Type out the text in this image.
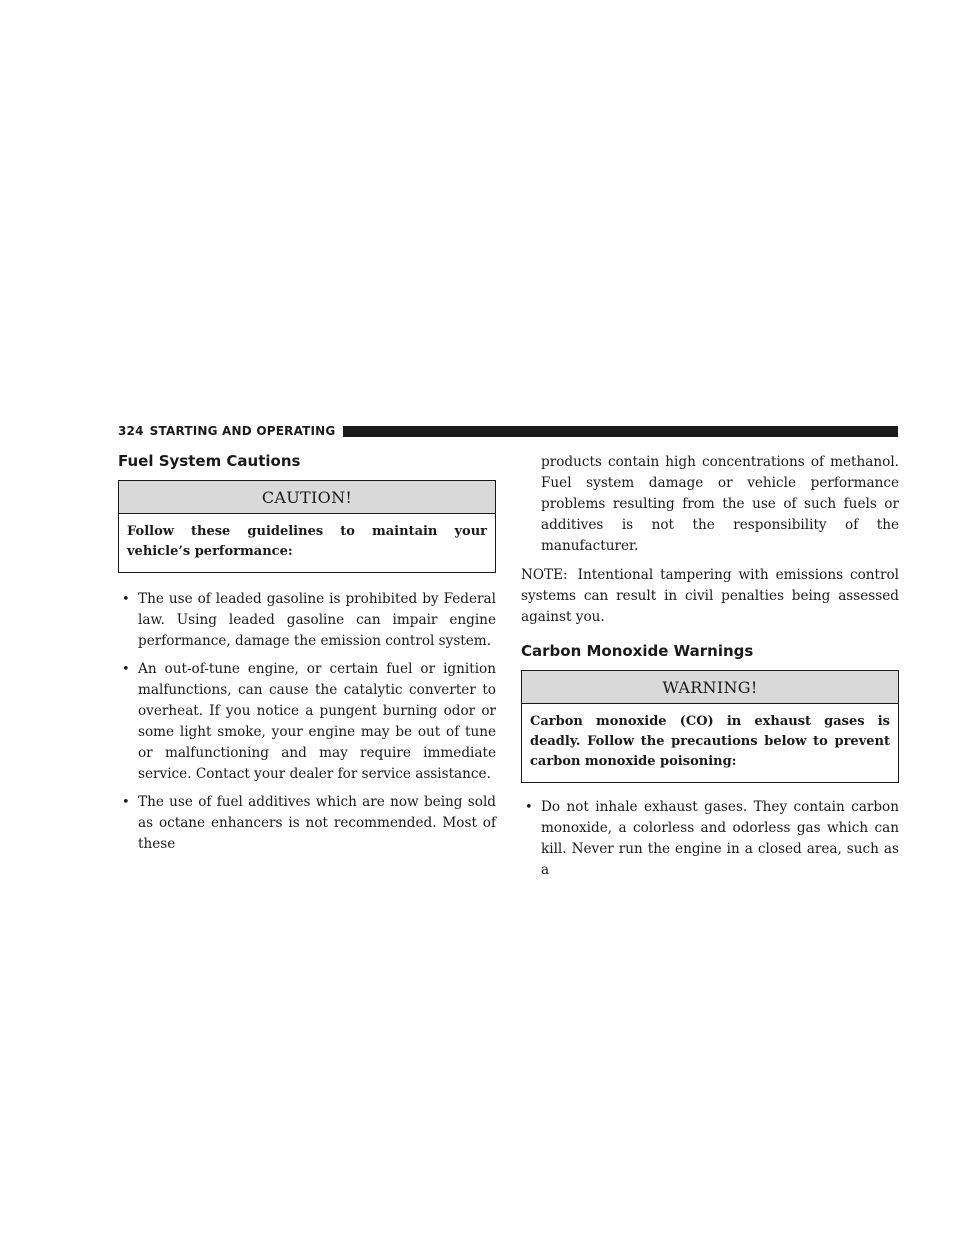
324 STARTING AND OPERATING
Fuel System Cautions
CAUTION!
Follow these guidelines to maintain your vehicle’s performance:
• The use of leaded gasoline is prohibited by Federal law. Using leaded gasoline can impair engine performance, damage the emission control system.
• An out-of-tune engine, or certain fuel or ignition malfunctions, can cause the catalytic converter to overheat. If you notice a pungent burning odor or some light smoke, your engine may be out of tune or malfunctioning and may require immediate service. Contact your dealer for service assistance.
• The use of fuel additives which are now being sold as octane enhancers is not recommended. Most of these

products contain high concentrations of methanol. Fuel system damage or vehicle performance problems resulting from the use of such fuels or additives is not the responsibility of the manufacturer.

NOTE: Intentional tampering with emissions control systems can result in civil penalties being assessed against you.

Carbon Monoxide Warnings
WARNING!
Carbon monoxide (CO) in exhaust gases is deadly. Follow the precautions below to prevent carbon monoxide poisoning:
• Do not inhale exhaust gases. They contain carbon monoxide, a colorless and odorless gas which can kill. Never run the engine in a closed area, such as a
